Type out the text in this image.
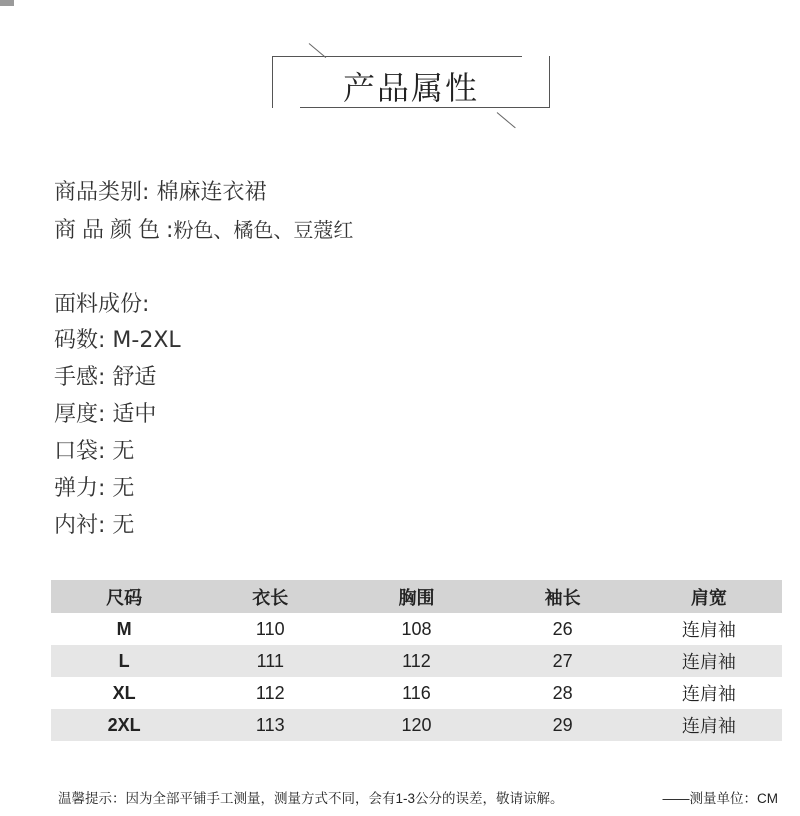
产品属性
商品类别: 棉麻连衣裙
商品颜色:粉色、橘色、豆蔻红
面料成份:
码数: M-2XL
手感: 舒适
厚度: 适中
口袋: 无
弹力: 无
内衬: 无
尺码	衣长	胸围	袖长	肩宽
M	110	108	26	连肩袖
L	111	112	27	连肩袖
XL	112	116	28	连肩袖
2XL	113	120	29	连肩袖
温馨提示：因为全部平铺手工测量，测量方式不同，会有1-3公分的误差，敬请谅解。	——测量单位：CM
